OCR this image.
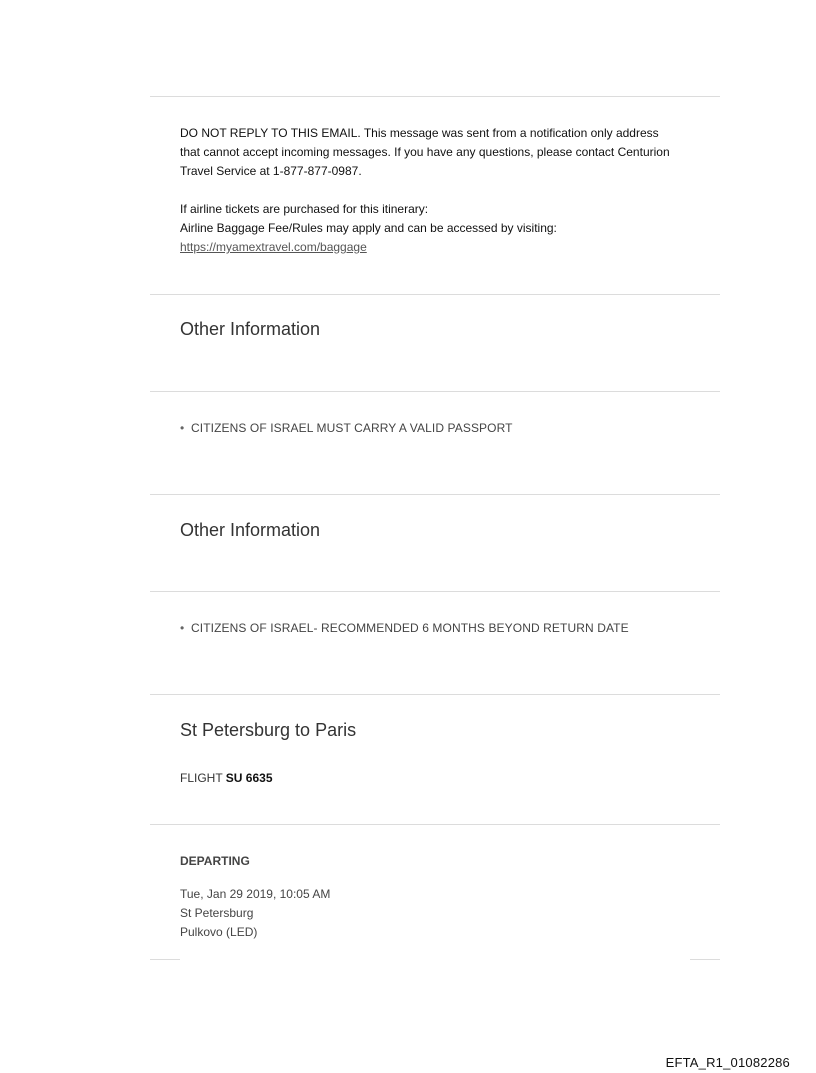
DO NOT REPLY TO THIS EMAIL. This message was sent from a notification only address

that cannot accept incoming messages. If you have any questions, please contact Centurion

Travel Service at 1-877-877-0987.

If airline tickets are purchased for this itinerary:

Airline Baggage Fee/Rules may apply and can be accessed by visiting:

https://myamextravel.com/baggage

Other Information
• CITIZENS OF ISRAEL MUST CARRY A VALID PASSPORT
Other Information
• CITIZENS OF ISRAEL- RECOMMENDED 6 MONTHS BEYOND RETURN DATE
St Petersburg to Paris
FLIGHT SU 6635
DEPARTING
Tue, Jan 29 2019, 10:05 AM
St Petersburg
Pulkovo (LED)
EFTA_R1_01082286
